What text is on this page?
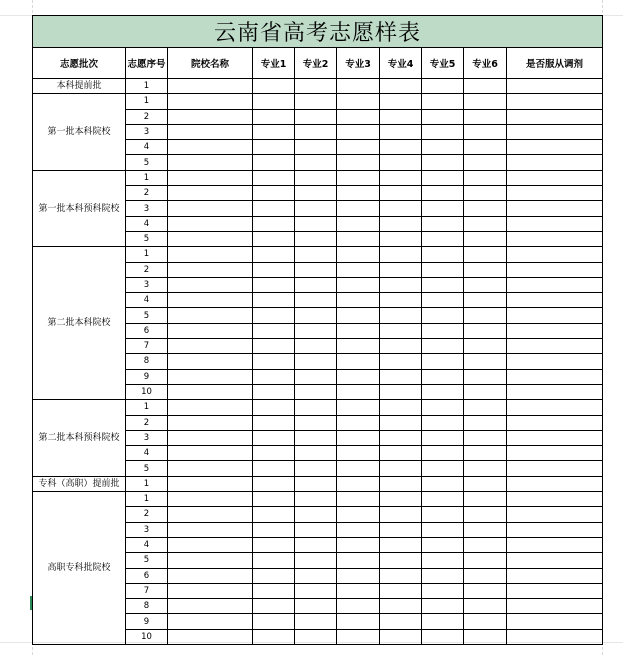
云南省高考志愿样表									
志愿批次	志愿序号	院校名称	专业1	专业2	专业3	专业4	专业5	专业6	是否服从调剂
本科提前批	1								
第一批本科院校	1								
	2								
	3								
	4								
	5								
第一批本科预科院校	1								
	2								
	3								
	4								
	5								
第二批本科院校	1								
	2								
	3								
	4								
	5								
	6								
	7								
	8								
	9								
	10								
第二批本科预科院校	1								
	2								
	3								
	4								
	5								
专科（高职）提前批	1								
高职专科批院校	1								
	2								
	3								
	4								
	5								
	6								
	7								
	8								
	9								
	10								
